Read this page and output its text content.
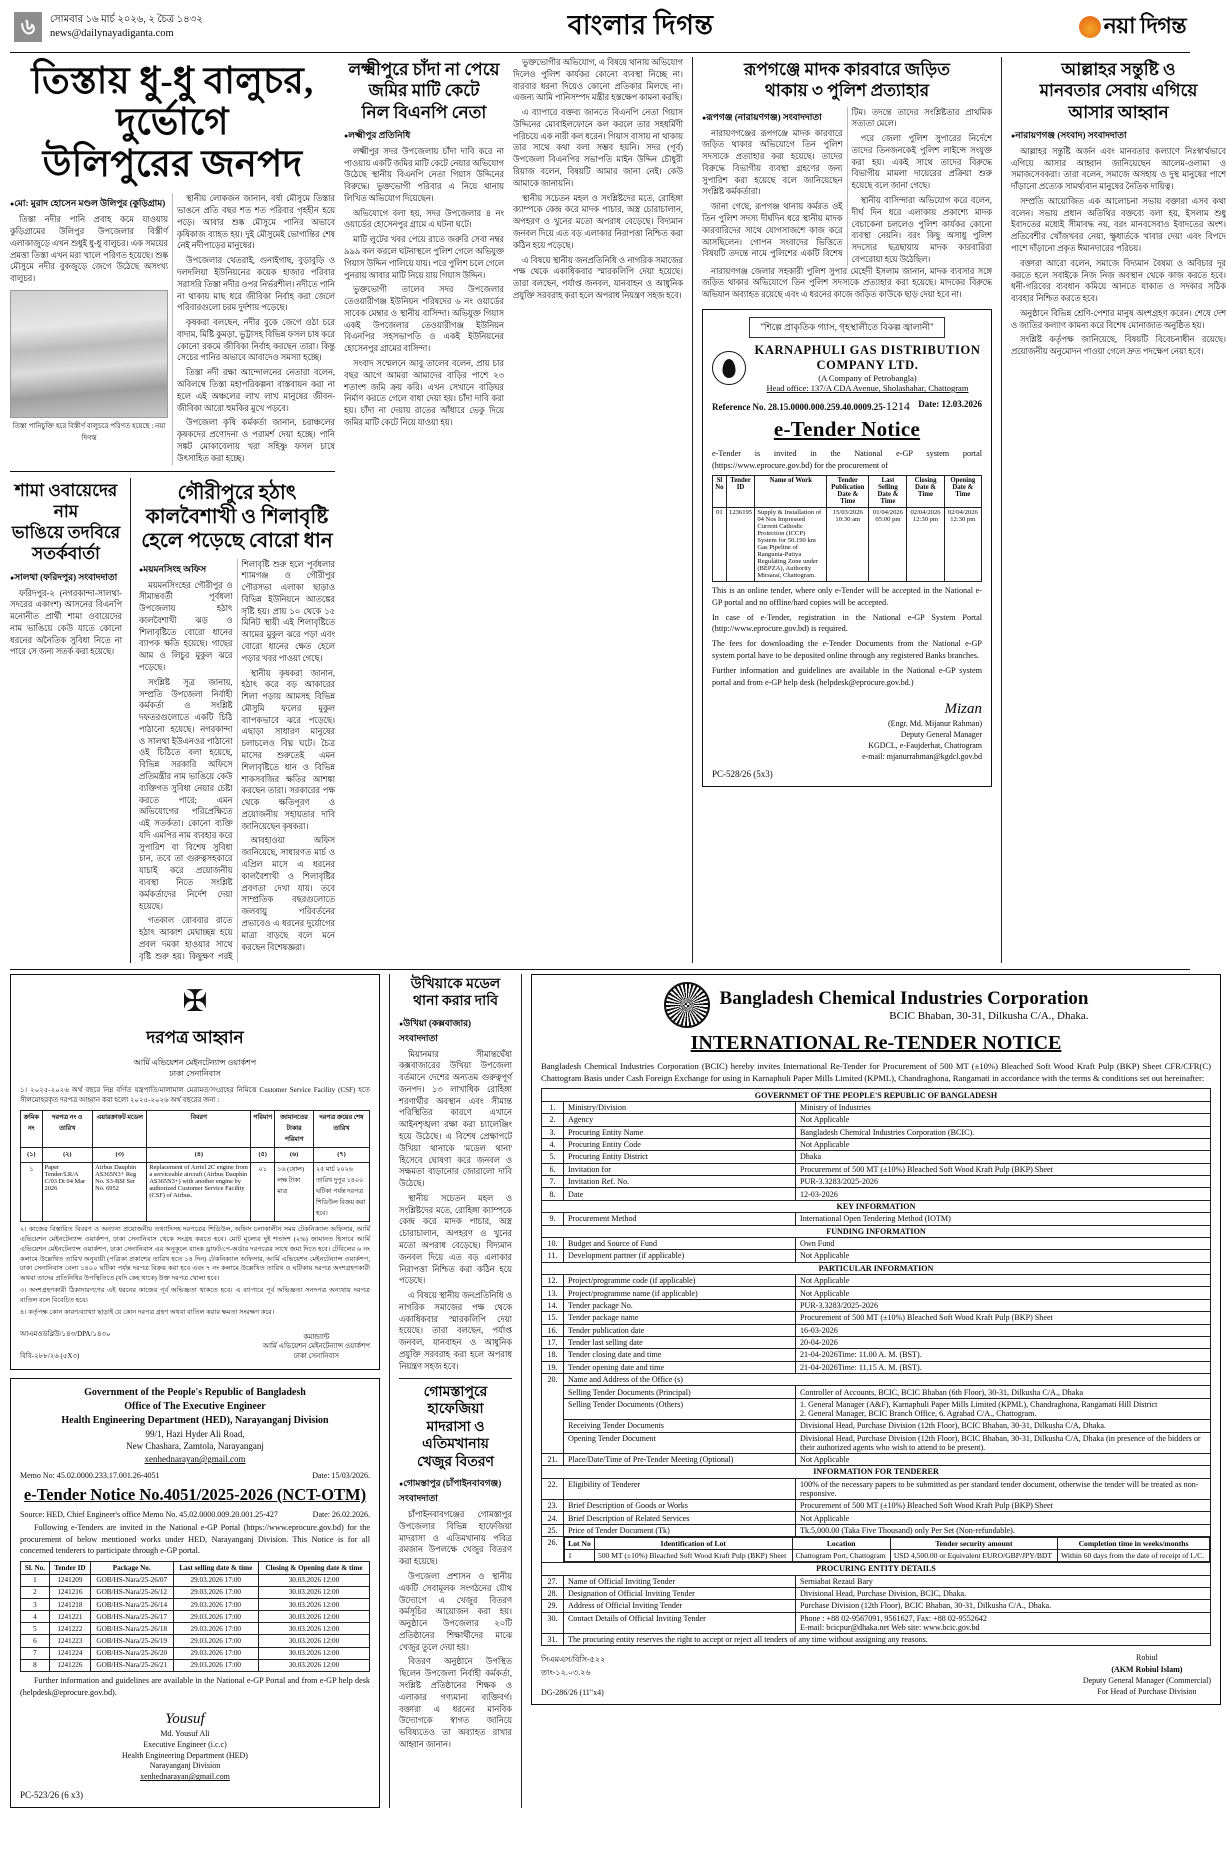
৬	সোমবার ১৬ মার্চ ২০২৬, ২ চৈত্র ১৪৩২
news@dailynayadiganta.com	বাংলার দিগন্ত	নয়া দিগন্ত
তিস্তায় ধু-ধু বালুচর, দুর্ভোগে
উলিপুরের জনপদ
● মো: মুরাদ হোসেন মণ্ডল উলিপুর (কুড়িগ্রাম)

তিস্তা নদীর পানি প্রবাহ কমে যাওয়ায় কুড়িগ্রামের উলিপুর উপজেলার বিস্তীর্ণ এলাকাজুড়ে এখন শুধুই ধু-ধু বালুচর। এক সময়ের প্রমত্তা তিস্তা এখন মরা খালে পরিণত হয়েছে। শুষ্ক মৌসুমে নদীর বুকজুড়ে জেগে উঠেছে অসংখ্য বালুচর।

তিস্তা পানিচুক্তি হরে বিস্তীর্ণ বালুচরে পরিণত হয়েছে : নয়া দিগন্ত

স্থানীয় লোকজন জানান, বর্ষা মৌসুমে তিস্তার ভাঙনে প্রতি বছর শত শত পরিবার গৃহহীন হয়ে পড়ে। আবার শুষ্ক মৌসুমে পানির অভাবে কৃষিকাজ ব্যাহত হয়। দুই মৌসুমেই ভোগান্তির শেষ নেই নদীপাড়ের মানুষের।

উপজেলার থেতরাই, গুনাইগাছ, বুড়াবুড়ি ও দলদলিয়া ইউনিয়নের কয়েক হাজার পরিবার সরাসরি তিস্তা নদীর ওপর নির্ভরশীল। নদীতে পানি না থাকায় মাছ ধরে জীবিকা নির্বাহ করা জেলে পরিবারগুলো চরম দুর্দশায় পড়েছে।

কৃষকরা বলছেন, নদীর বুকে জেগে ওঠা চরে বাদাম, মিষ্টি কুমড়া, ভুট্টাসহ বিভিন্ন ফসল চাষ করে কোনো রকমে জীবিকা নির্বাহ করছেন তারা। কিন্তু সেচের পানির অভাবে আবাদেও সমস্যা হচ্ছে।

তিস্তা নদী রক্ষা আন্দোলনের নেতারা বলেন, অবিলম্বে তিস্তা মহাপরিকল্পনা বাস্তবায়ন করা না হলে এই অঞ্চলের লাখ লাখ মানুষের জীবন-জীবিকা আরো হুমকির মুখে পড়বে।

উপজেলা কৃষি কর্মকর্তা জানান, চরাঞ্চলের কৃষকদের প্রণোদনা ও পরামর্শ দেয়া হচ্ছে। পানি সঙ্কট মোকাবেলায় খরা সহিষ্ণু ফসল চাষে উৎসাহিত করা হচ্ছে।

শামা ওবায়েদের নাম
ভাঙিয়ে তদবিরে
সতর্কবার্তা
● সালথা (ফরিদপুর) সংবাদদাতা

ফরিদপুর-২ (নগরকান্দা-সালথা-সদরের একাংশ) আসনের বিএনপি মনোনীত প্রার্থী শামা ওবায়েদের নাম ভাঙিয়ে কেউ যাতে কোনো ধরনের অনৈতিক সুবিধা নিতে না পারে সে জন্য সতর্ক করা হয়েছে।

গৌরীপুরে হঠাৎ কালবৈশাখী ও শিলাবৃষ্টি
হেলে পড়েছে বোরো ধান
● ময়মনসিংহ অফিস

ময়মনসিংহের গৌরীপুর ও সীমান্তবর্তী পূর্বধলা উপজেলায় হঠাৎ কালবৈশাখী ঝড় ও শিলাবৃষ্টিতে বোরো ধানের ব্যাপক ক্ষতি হয়েছে। গাছের আম ও লিচুর মুকুল ঝরে পড়েছে।

সংশ্লিষ্ট সূত্র জানায়, সম্প্রতি উপজেলা নির্বাহী কর্মকর্তা ও সংশ্লিষ্ট দফতরগুলোতে একটি চিঠি পাঠানো হয়েছে। নগরকান্দা ও সালথা ইউএনওর পাঠানো ওই চিঠিতে বলা হয়েছে, বিভিন্ন সরকারি অফিসে প্রতিমন্ত্রীর নাম ভাঙিয়ে কেউ ব্যক্তিগত সুবিধা নেয়ার চেষ্টা করতে পারে; এমন অভিযোগের পরিপ্রেক্ষিতে এই সতর্কতা। কোনো ব্যক্তি যদি এমপির নাম ব্যবহার করে সুপারিশ বা বিশেষ সুবিধা চান, তবে তা গুরুত্বসহকারে যাচাই করে প্রয়োজনীয় ব্যবস্থা নিতে সংশ্লিষ্ট কর্মকর্তাদের নির্দেশ দেয়া হয়েছে।

গতকাল রোববার রাতে হঠাৎ আকাশ মেঘাচ্ছন্ন হয়ে প্রবল দমকা হাওয়ার সাথে বৃষ্টি শুরু হয়। কিছুক্ষণ পরই শিলাবৃষ্টি শুরু হলে পূর্বধলার শ্যামগঞ্জ ও গৌরীপুর পৌরসভা এলাকা ছাড়াও বিভিন্ন ইউনিয়নে আতঙ্কের সৃষ্টি হয়। প্রায় ১০ থেকে ১৫ মিনিট স্থায়ী এই শিলাবৃষ্টিতে আমের মুকুল ঝরে পড়া এবং বোরো ধানের ক্ষেত হেলে পড়ার খবর পাওয়া গেছে।

স্থানীয় কৃষকরা জানান, হঠাৎ করে বড় আকারের শিলা পড়ায় আমসহ বিভিন্ন মৌসুমি ফলের মুকুল ব্যাপকভাবে ঝরে পড়েছে। এছাড়া সাধারণ মানুষের চলাচলেও বিঘ্ন ঘটে। চৈত্র মাসের শুরুতেই এমন শিলাবৃষ্টিতে ধান ও বিভিন্ন শাকসবজির ক্ষতির আশঙ্কা করছেন তারা। সরকারের পক্ষ থেকে ক্ষতিপূরণ ও প্রয়োজনীয় সহায়তার দাবি জানিয়েছেন কৃষকরা।

আবহাওয়া অফিস জানিয়েছে, সাধারণত মার্চ ও এপ্রিল মাসে এ ধরনের কালবৈশাখী ও শিলাবৃষ্টির প্রবণতা দেখা যায়। তবে সাম্প্রতিক বছরগুলোতে জলবায়ু পরিবর্তনের প্রভাবেও এ ধরনের দুর্যোগের মাত্রা বাড়ছে বলে মনে করছেন বিশেষজ্ঞরা।

লক্ষ্মীপুরে চাঁদা না পেয়ে
জমির মাটি কেটে
নিল বিএনপি নেতা
● লক্ষ্মীপুর প্রতিনিধি

লক্ষ্মীপুর সদর উপজেলায় চাঁদা দাবি করে না পাওয়ায় একটি জমির মাটি কেটে নেয়ার অভিযোগ উঠেছে স্থানীয় বিএনপি নেতা গিয়াস উদ্দিনের বিরুদ্ধে। ভুক্তভোগী পরিবার এ নিয়ে থানায় লিখিত অভিযোগ দিয়েছেন।

অভিযোগে বলা হয়, সদর উপজেলার ৪ নং ওয়ার্ডের হোসেনপুর গ্রামে এ ঘটনা ঘটে।

মাটি লুটের খবর পেয়ে রাতে জরুরি সেবা নম্বর ৯৯৯ কল করলে ঘটনাস্থলে পুলিশ গেলে অভিযুক্ত গিয়াস উদ্দিন পালিয়ে যায়। পরে পুলিশ চলে গেলে পুনরায় আবার মাটি নিয়ে যায় গিয়াস উদ্দিন।

ভুক্তভোগী তালেব সদর উপজেলার তেওয়ারীগঞ্জ ইউনিয়ন পরিষদের ৬ নং ওয়ার্ডের সাবেক মেম্বার ও স্থানীয় বাসিন্দা। অভিযুক্ত গিয়াস একই উপজেলার তেওয়ারীগঞ্জ ইউনিয়ন বিএনপির সহসভাপতি ও একই ইউনিয়নের হোসেনপুর গ্রামের বাসিন্দা।

সংবাদ সম্মেলনে আবু তালেব বলেন, প্রায় চার বছর আগে আমরা আমাদের বাড়ির পাশে ২৩ শতাংশ জমি ক্রয় করি। এখন সেখানে বাড়িঘর নির্মাণ করতে গেলে বাধা দেয়া হয়। চাঁদা দাবি করা হয়। চাঁদা না দেয়ায় রাতের আঁধারে ভেকু দিয়ে জমির মাটি কেটে নিয়ে যাওয়া হয়।

ভুক্তভোগীর অভিযোগ, এ বিষয়ে থানায় অভিযোগ দিলেও পুলিশ কার্যকর কোনো ব্যবস্থা নিচ্ছে না। বারবার ধরনা দিয়েও কোনো প্রতিকার মিলছে না। এজন্য আমি পানিসম্পদ মন্ত্রীর হস্তক্ষেপ কামনা করছি।

এ ব্যাপারে বক্তব্য জানতে বিএনপি নেতা গিয়াস উদ্দিনের মোবাইলফোনে কল করলে তার সহধর্মিণী পরিচয়ে এক নারী কল ধরেন। গিয়াস বাসায় না থাকায় তার সাথে কথা বলা সম্ভব হয়নি। সদর (পূর্ব) উপজেলা বিএনপির সভাপতি মাইন উদ্দিন চৌধুরী রিয়াজ বলেন, বিষয়টি আমার জানা নেই। কেউ আমাকে জানায়নি।

স্থানীয় সচেতন মহল ও সংশ্লিষ্টদের মতে, রোহিঙ্গা ক্যাম্পকে কেন্দ্র করে মাদক পাচার, অস্ত্র চোরাচালান, অপহরণ ও খুনের মতো অপরাধ বেড়েছে। বিদ্যমান জনবল দিয়ে এত বড় এলাকার নিরাপত্তা নিশ্চিত করা কঠিন হয়ে পড়েছে।

এ বিষয়ে স্থানীয় জনপ্রতিনিধি ও নাগরিক সমাজের পক্ষ থেকে একাধিকবার স্মারকলিপি দেয়া হয়েছে। তারা বলছেন, পর্যাপ্ত জনবল, যানবাহন ও আধুনিক প্রযুক্তি সরবরাহ করা হলে অপরাধ নিয়ন্ত্রণ সহজ হবে।

রূপগঞ্জে মাদক কারবারে জড়িত
থাকায় ৩ পুলিশ প্রত্যাহার
● রূপগঞ্জ (নারায়ণগঞ্জ) সংবাদদাতা

নারায়ণগঞ্জের রূপগঞ্জে মাদক কারবারে জড়িত থাকার অভিযোগে তিন পুলিশ সদস্যকে প্রত্যাহার করা হয়েছে। তাদের বিরুদ্ধে বিভাগীয় ব্যবস্থা গ্রহণের জন্য সুপারিশ করা হয়েছে বলে জানিয়েছেন সংশ্লিষ্ট কর্মকর্তারা।

জানা গেছে, রূপগঞ্জ থানায় কর্মরত ওই তিন পুলিশ সদস্য দীর্ঘদিন ধরে স্থানীয় মাদক কারবারিদের সাথে যোগসাজশে কাজ করে আসছিলেন। গোপন সংবাদের ভিত্তিতে বিষয়টি তদন্তে নামে পুলিশের একটি বিশেষ টিম। তদন্তে তাদের সংশ্লিষ্টতার প্রাথমিক সত্যতা মেলে।

পরে জেলা পুলিশ সুপারের নির্দেশে তাদের তিনজনকেই পুলিশ লাইন্সে সংযুক্ত করা হয়। একই সাথে তাদের বিরুদ্ধে বিভাগীয় মামলা দায়েরের প্রক্রিয়া শুরু হয়েছে বলে জানা গেছে।

স্থানীয় বাসিন্দারা অভিযোগ করে বলেন, দীর্ঘ দিন ধরে এলাকায় প্রকাশ্যে মাদক বেচাকেনা চললেও পুলিশ কার্যকর কোনো ব্যবস্থা নেয়নি। বরং কিছু অসাধু পুলিশ সদস্যের ছত্রছায়ায় মাদক কারবারিরা বেপরোয়া হয়ে উঠেছিল।

নারায়ণগঞ্জ জেলার সহকারী পুলিশ সুপার মেহেদী ইসলাম জানান, মাদক ব্যবসার সঙ্গে জড়িত থাকার অভিযোগে তিন পুলিশ সদস্যকে প্রত্যাহার করা হয়েছে। মাদকের বিরুদ্ধে অভিযান অব্যাহত রয়েছে এবং এ ধরনের কাজে জড়িত কাউকে ছাড় দেয়া হবে না।

"শিল্পে প্রাকৃতিক গ্যাস, গৃহস্থালীতে বিকল্প জ্বালানী"
KARNAPHULI GAS DISTRIBUTION COMPANY LTD.
(A Company of Petrobangla)
Head office: 137/A CDA Avenue, Sholashahar, Chattogram
Reference No. 28.15.0000.000.259.40.0009.25-1214 Date: 12.03.2026
e-Tender Notice
e-Tender is invited in the National e-GP system portal (https://www.eprocure.gov.bd) for the procurement of
Sl No	Tender ID	Name of Work	Tender Publication Date & Time	Last Selling Date & Time	Closing Date & Time	Opening Date & Time
01	1236195	Supply & Installation of 04 Nos Impressed Current Cathodic Protection (ICCP) System for 50.190 km Gas Pipeline of Rangunia-Patiya Regulating Zone under (BEPZA), Authority Mirsarai, Chattogram.	15/03/2026 10:30 am	01/04/2026 05:00 pm	02/04/2026 12:30 pm	02/04/2026 12:30 pm
This is an online tender, where only e-Tender will be accepted in the National e-GP portal and no offline/hard copies will be accepted.
In case of e-Tender, registration in the National e-GP System Portal (http://www.eprocure.gov.bd) is required.
The fees for downloading the e-Tender Documents from the National e-GP system portal have to be deposited online through any registered Banks branches.
Further information and guidelines are available in the National e-GP system portal and from e-GP help desk (helpdesk@eprocure.gov.bd.)
Mizan
(Engr. Md. Mijanur Rahman)
Deputy General Manager
KGDCL, e-Faujderhat, Chattogram
e-mail: mjanurrahman@kgdcl.gov.bd
PC-528/26 (5x3)
আল্লাহর সন্তুষ্টি ও
মানবতার সেবায় এগিয়ে
আসার আহ্বান
● নারায়ণগঞ্জ (সংবাদ) সংবাদদাতা

আল্লাহর সন্তুষ্টি অর্জন এবং মানবতার কল্যাণে নিঃস্বার্থভাবে এগিয়ে আসার আহ্বান জানিয়েছেন আলেম-ওলামা ও সমাজসেবকরা। তারা বলেন, সমাজে অসহায় ও দুস্থ মানুষের পাশে দাঁড়ানো প্রত্যেক সামর্থ্যবান মানুষের নৈতিক দায়িত্ব।

সম্প্রতি আয়োজিত এক আলোচনা সভায় বক্তারা এসব কথা বলেন। সভায় প্রধান অতিথির বক্তব্যে বলা হয়, ইসলাম শুধু ইবাদতের মধ্যেই সীমাবদ্ধ নয়, বরং মানবসেবাও ইবাদতের অংশ। প্রতিবেশীর খোঁজখবর নেয়া, ক্ষুধার্তকে খাবার দেয়া এবং বিপদে পাশে দাঁড়ানো প্রকৃত ঈমানদারের পরিচয়।

বক্তারা আরো বলেন, সমাজে বিদ্যমান বৈষম্য ও অবিচার দূর করতে হলে সবাইকে নিজ নিজ অবস্থান থেকে কাজ করতে হবে। ধনী-গরিবের ব্যবধান কমিয়ে আনতে যাকাত ও সদকার সঠিক ব্যবহার নিশ্চিত করতে হবে।

অনুষ্ঠানে বিভিন্ন শ্রেণি-পেশার মানুষ অংশগ্রহণ করেন। শেষে দেশ ও জাতির কল্যাণ কামনা করে বিশেষ মোনাজাত অনুষ্ঠিত হয়।

সংশ্লিষ্ট কর্তৃপক্ষ জানিয়েছে, বিষয়টি বিবেচনাধীন রয়েছে। প্রয়োজনীয় অনুমোদন পাওয়া গেলে দ্রুত পদক্ষেপ নেয়া হবে।

✠
দরপত্র আহ্বান
আর্মি এভিয়েশন মেইনটেন্যান্স ওয়ার্কশপ
ঢাকা সেনানিবাস
১। ২০২৫-২০২৬ অর্থ বছরে নিম্ন বর্ণিত যন্ত্রপাতি/মালামাল মেরামত/সংগ্রহের নিমিত্তে Customer Service Facility (CSF) হতে সীলমোহরকৃত দরপত্র আহ্বান করা হলো ২০২৫-২০২৬ অর্থ বছরের জন্য :
ক্রমিক নং	দরপত্র নং ও তারিখ	এয়ারক্রাফট মডেল	বিবরণ	পরিমাণ	জামানতের টাকার পরিমাণ	দরপত্র ক্রয়ের শেষ তারিখ
(১)	(২)	(৩)	(৪)	(৫)	(৬)	(৭)
১	Paper Tender/LR/A C/03 Dt 04 Mar 2026	Airbus Dauphin AS365N3+ Reg No. S3-BSI Ser No. 6952	Replacement of Arriel 2C engine from a serviceable aircraft (Airbus Dauphin AS365N3+) with another engine by authorized Customer Service Facility (CSF) of Airbus.	০১	১৬ (ষোল) লক্ষ টাকা মাত্র	২৫ মার্চ ২০২৬ তারিখ দুপুর ১৪০০ ঘটিকা পর্যন্ত দরপত্র শিডিউল বিক্রয় করা হবে।
২। কাজের বিস্তারিত বিবরণ ও অন্যান্য প্রয়োজনীয় তথ্যাদিসহ দরপত্রের শিডিউল, অফিস চলাকালীন সময় টেকনিক্যাল অফিসার, আর্মি এভিয়েশন মেইনটেন্যান্স ওয়ার্কশপ, ঢাকা সেনানিবাস থেকে সংগ্রহ করতে হবে। মোট মূল্যের দুই শতাংশ (২%) জামানত হিসাবে আর্মি এভিয়েশন মেইনটেন্যান্স ওয়ার্কশপ, ঢাকা সেনানিবাস এর অনুকূলে ব্যাংক ড্রাফট/পে-অর্ডার দরপত্রের সাথে জমা দিতে হবে। টেবিলের ৬ নং কলামে উল্লেখিত তারিখ অনুযায়ী (পত্রিকা প্রকাশের তারিখ হতে ১৪ দিন) টেকনিক্যাল অফিসার, আর্মি এভিয়েশন মেইনটেন্যান্স ওয়ার্কশপ, ঢাকা সেনানিবাস বেলা ১৪০০ ঘটিকা পর্যন্ত দরপত্র বিক্রয় করা হবে এবং ৭ নং কলামে উল্লেখিত তারিখ ও ঘটিকায় দরপত্র অংশগ্রহণকারী অথবা তাদের প্রতিনিধির উপস্থিতিতে (যদি কেহ থাকে) উক্ত দরপত্র খোলা হবে।
৩। অংশগ্রহণকারী ঠিকাদারগণের এই ধরনের কাজের পূর্ব অভিজ্ঞতা থাকতে হবে। এ ব্যাপারে পূর্ব অভিজ্ঞতা সনদপত্র অন্যথায় দরপত্র বাতিল বলে বিবেচিত হবে।
৪। কর্তৃপক্ষ কোন কারণ/ব্যাখ্যা ছাড়াই যে কোন দরপত্র গ্রহণ অথবা বাতিল করার ক্ষমতা সংরক্ষণ করে।
আএমওডব্লিউ/১৪৩/DPA/১৪৩০
বিবি-২৮৮/২৬ (৫X৩)
কমান্ড্যান্ট
আর্মি এভিয়েশন মেইনটেন্যান্স ওয়ার্কশপ
ঢাকা সেনানিবাস
Government of the People's Republic of Bangladesh
Office of The Executive Engineer
Health Engineering Department (HED), Narayanganj Division
99/1, Hazi Hyder Ali Road,
New Chashara, Zamtola, Narayanganj
xenhednarayan@gmail.com
Memo No: 45.02.0000.233.17.001.26-4051	Date: 15/03/2026.
e-Tender Notice No.4051/2025-2026 (NCT-OTM)
Source: HED, Chief Engineer's office Memo No. 45.02.0000.009.20.001.25-427	Date: 26.02.2026.
Following e-Tenders are invited in the National e-GP Portal (https://www.eprocure.gov.bd) for the procurement of below mentioned works under HED, Narayanganj Division. This Notice is for all concerned tenderers to participate through e-GP portal.
Sl. No.	Tender ID	Package No.	Last selling date & time	Closing & Opening date & time
1	1241209	GOB/HS-Nara/25-26/07	29.03.2026 17:00	30.03.2026 12:00
2	1241216	GOB/HS-Nara/25-26/12	29.03.2026 17:00	30.03.2026 12:00
3	1241218	GOB/HS-Nara/25-26/14	29.03.2026 17:00	30.03.2026 12:00
4	1241221	GOB/HS-Nara/25-26/17	29.03.2026 17:00	30.03.2026 12:00
5	1241222	GOB/HS-Nara/25-26/18	29.03.2026 17:00	30.03.2026 12:00
6	1241223	GOB/HS-Nara/25-26/19	29.03.2026 17:00	30.03.2026 12:00
7	1241224	GOB/HS-Nara/25-26/20	29.03.2026 17:00	30.03.2026 12:00
8	1241226	GOB/HS-Nara/25-26/21	29.03.2026 17:00	30.03.2026 12:00
Further information and guidelines are available in the National e-GP Portal and from e-GP help desk (helpdesk@eprocure.gov.bd).
Yousuf
Md. Yousuf Ali
Executive Engineer (i.c.c)
Health Engineering Department (HED)
Narayanganj Division
xenhednarayan@gmail.com
PC-523/26 (6 x3)
উখিয়াকে মডেল
থানা করার দাবি
● উখিয়া (কক্সবাজার) সংবাদদাতা

মিয়ানমার সীমান্তঘেঁষা কক্সবাজারের উখিয়া উপজেলা বর্তমানে দেশের অন্যতম গুরুত্বপূর্ণ জনপদ। ১৩ লাখাধিক রোহিঙ্গা শরণার্থীর অবস্থান এবং সীমান্ত পরিস্থিতির কারণে এখানে আইনশৃঙ্খলা রক্ষা করা চ্যালেঞ্জিং হয়ে উঠেছে। এ বিশেষ প্রেক্ষাপটে উখিয়া থানাকে 'মডেল থানা' হিসেবে ঘোষণা করে জনবল ও সক্ষমতা বাড়ানোর জোরালো দাবি উঠেছে।

স্থানীয় সচেতন মহল ও সংশ্লিষ্টদের মতে, রোহিঙ্গা ক্যাম্পকে কেন্দ্র করে মাদক পাচার, অস্ত্র চোরাচালান, অপহরণ ও খুনের মতো অপরাধ বেড়েছে। বিদ্যমান জনবল দিয়ে এত বড় এলাকার নিরাপত্তা নিশ্চিত করা কঠিন হয়ে পড়েছে।

এ বিষয়ে স্থানীয় জনপ্রতিনিধি ও নাগরিক সমাজের পক্ষ থেকে একাধিকবার স্মারকলিপি দেয়া হয়েছে। তারা বলছেন, পর্যাপ্ত জনবল, যানবাহন ও আধুনিক প্রযুক্তি সরবরাহ করা হলে অপরাধ নিয়ন্ত্রণ সহজ হবে।

গোমস্তাপুরে হাফেজিয়া
মাদরাসা ও এতিমখানায়
খেজুর বিতরণ
● গোমস্তাপুর (চাঁপাইনবাবগঞ্জ) সংবাদদাতা

চাঁপাইনবাবগঞ্জের গোমস্তাপুর উপজেলার বিভিন্ন হাফেজিয়া মাদরাসা ও এতিমখানায় পবিত্র রমজান উপলক্ষে খেজুর বিতরণ করা হয়েছে।

উপজেলা প্রশাসন ও স্থানীয় একটি সেবামূলক সংগঠনের যৌথ উদ্যোগে এ খেজুর বিতরণ কর্মসূচির আয়োজন করা হয়। অনুষ্ঠানে উপজেলার ২০টি প্রতিষ্ঠানের শিক্ষার্থীদের মাঝে খেজুর তুলে দেয়া হয়।

বিতরণ অনুষ্ঠানে উপস্থিত ছিলেন উপজেলা নির্বাহী কর্মকর্তা, সংশ্লিষ্ট প্রতিষ্ঠানের শিক্ষক ও এলাকার গণ্যমান্য ব্যক্তিবর্গ। বক্তারা এ ধরনের মানবিক উদ্যোগকে স্বাগত জানিয়ে ভবিষ্যতেও তা অব্যাহত রাখার আহ্বান জানান।

Bangladesh Chemical Industries Corporation
BCIC Bhaban, 30-31, Dilkusha C/A., Dhaka.
INTERNATIONAL Re-TENDER NOTICE
Bangladesh Chemical Industries Corporation (BCIC) hereby invites International Re-Tender for Procurement of 500 MT (±10%) Bleached Soft Wood Kraft Pulp (BKP) Sheet CFR/CFR(C) Chattogram Basis under Cash Foreign Exchange for using in Karnaphuli Paper Mills Limited (KPML), Chandraghona, Rangamati in accordance with the terms & conditions set out hereinafter:
GOVERNMET OF THE PEOPLE'S REPUBLIC OF BANGLADESH
1.	Ministry/Division	Ministry of Industries
2.	Agency	Not Applicable
3.	Procuring Entity Name	Bangladesh Chemical Industries Corporation (BCIC).
4.	Procuring Entity Code	Not Applicable
5.	Procuring Entity District	Dhaka
6.	Invitation for	Procurement of 500 MT (±10%) Bleached Soft Wood Kraft Pulp (BKP) Sheet
7.	Invitation Ref. No.	PUR-3.3283/2025-2026
8.	Date	12-03-2026
KEY INFORMATION
9.	Procurement Method	International Open Tendering Method (IOTM)
FUNDING INFORMATION
10.	Budget and Source of Fund	Own Fund
11.	Development partner (if applicable)	Not Applicable
PARTICULAR INFORMATION
12.	Project/programme code (if applicable)	Not Applicable
13.	Project/programme name (if applicable)	Not Applicable
14.	Tender package No.	PUR-3.3283/2025-2026
15.	Tender package name	Procurement of 500 MT (±10%) Bleached Soft Wood Kraft Pulp (BKP) Sheet
16.	Tender publication date	16-03-2026
17.	Tender last selling date	20-04-2026
18.	Tender closing date and time	21-04-2026Time: 11.00 A. M. (BST).
19.	Tender opening date and time	21-04-2026Time: 11.15 A. M. (BST).
20.	Name and Address of the Office (s)
Selling Tender Documents (Principal)	Controller of Accounts, BCIC, BCIC Bhaban (6th Floor), 30-31, Dilkusha C/A., Dhaka
Selling Tender Documents (Others)	1. General Manager (A&F), Karnaphuli Paper Mills Limited (KPML), Chandraghona, Rangamati Hill District
2. General Manager, BCIC Branch Office, 6. Agrabad C/A., Chattogram.
Receiving Tender Documents	Divisional Head, Purchase Division (12th Floor), BCIC Bhaban, 30-31, Dilkusha C/A, Dhaka.
Opening Tender Document	Divisional Head, Purchase Division (12th Floor), BCIC Bhaban, 30-31, Dilkusha C/A, Dhaka (in presence of the bidders or their authorized agents who wish to attend to be present).
21.	Place/Date/Time of Pre-Tender Meeting (Optional)	Not Applicable
INFORMATION FOR TENDERER
22.	Eligibility of Tenderer	100% of the necessary papers to be submitted as per standard tender document, otherwise the tender will be treated as non-responsive.
23.	Brief Description of Goods or Works	Procurement of 500 MT (±10%) Bleached Soft Wood Kraft Pulp (BKP) Sheet
24.	Brief Description of Related Services	Not Applicable
25.	Price of Tender Document (Tk)	Tk.5,000.00 (Taka Five Thousand) only Per Set (Non-refundable).
26.	Lot No	Identification of Lot	Location	Tender security amount	Completion time in weeks/months
1	500 MT (±10%) Bleached Soft Wood Kraft Pulp (BKP) Sheet	Chattogram Port, Chattogram	USD 4,500.00 or Equivalent EURO/GBP/JPY/BDT	Within 60 days from the date of receipt of L/C.

PROCURING ENTITY DETAILS
27.	Name of Official Inviting Tender	Serniabat Rezaul Bary
28.	Designation of Official Inviting Tender	Divisional Head, Purchase Division, BCIC, Dhaka.
29.	Address of Official Inviting Tender	Purchase Division (12th Floor), BCIC Bhaban, 30-31, Dilkusha C/A., Dhaka.
30.	Contact Details of Official Inviting Tender	Phone : +88 02-9567091, 9561627, Fax: +88 02-9552642
E-mail: bcicpur@dhaka.net Web site: www.bcic.gov.bd
31.	The procuring entity reserves the right to accept or reject all tenders of any time without assigning any reasons.
সিএমএস/বিসি-৫২২
তাং-১২.০৩.২৬
DG-286/26 (11"x4)
Robiul
(AKM Robiul Islam)
Deputy General Manager (Commercial)
For Head of Purchase Division
